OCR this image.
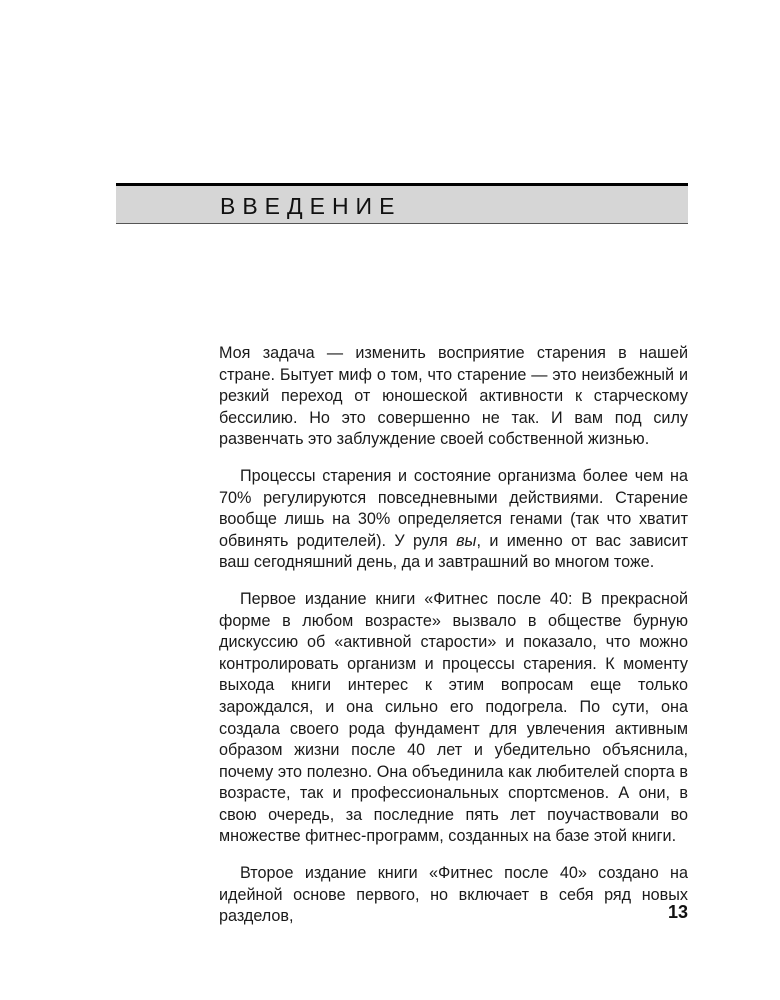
ВВЕДЕНИЕ

Моя задача — изменить восприятие старения в нашей стране. Бытует миф о том, что старение — это неизбежный и резкий переход от юношеской активности к старческому бессилию. Но это совершенно не так. И вам под силу развенчать это заблуждение своей собственной жизнью.

Процессы старения и состояние организма более чем на 70% регулируются повседневными действиями. Старение вообще лишь на 30% определяется генами (так что хватит обвинять родителей). У руля вы, и именно от вас зависит ваш сегодняшний день, да и завтрашний во многом тоже.

Первое издание книги «Фитнес после 40: В прекрасной форме в любом возрасте» вызвало в обществе бурную дискуссию об «активной старости» и показало, что можно контролировать организм и процессы старения. К моменту выхода книги интерес к этим вопросам еще только зарождался, и она сильно его подогрела. По сути, она создала своего рода фундамент для увлечения активным образом жизни после 40 лет и убедительно объяснила, почему это полезно. Она объединила как любителей спорта в возрасте, так и профессиональных спортсменов. А они, в свою очередь, за последние пять лет поучаствовали во множестве фитнес-программ, созданных на базе этой книги.

Второе издание книги «Фитнес после 40» создано на идейной основе первого, но включает в себя ряд новых разделов,	13
